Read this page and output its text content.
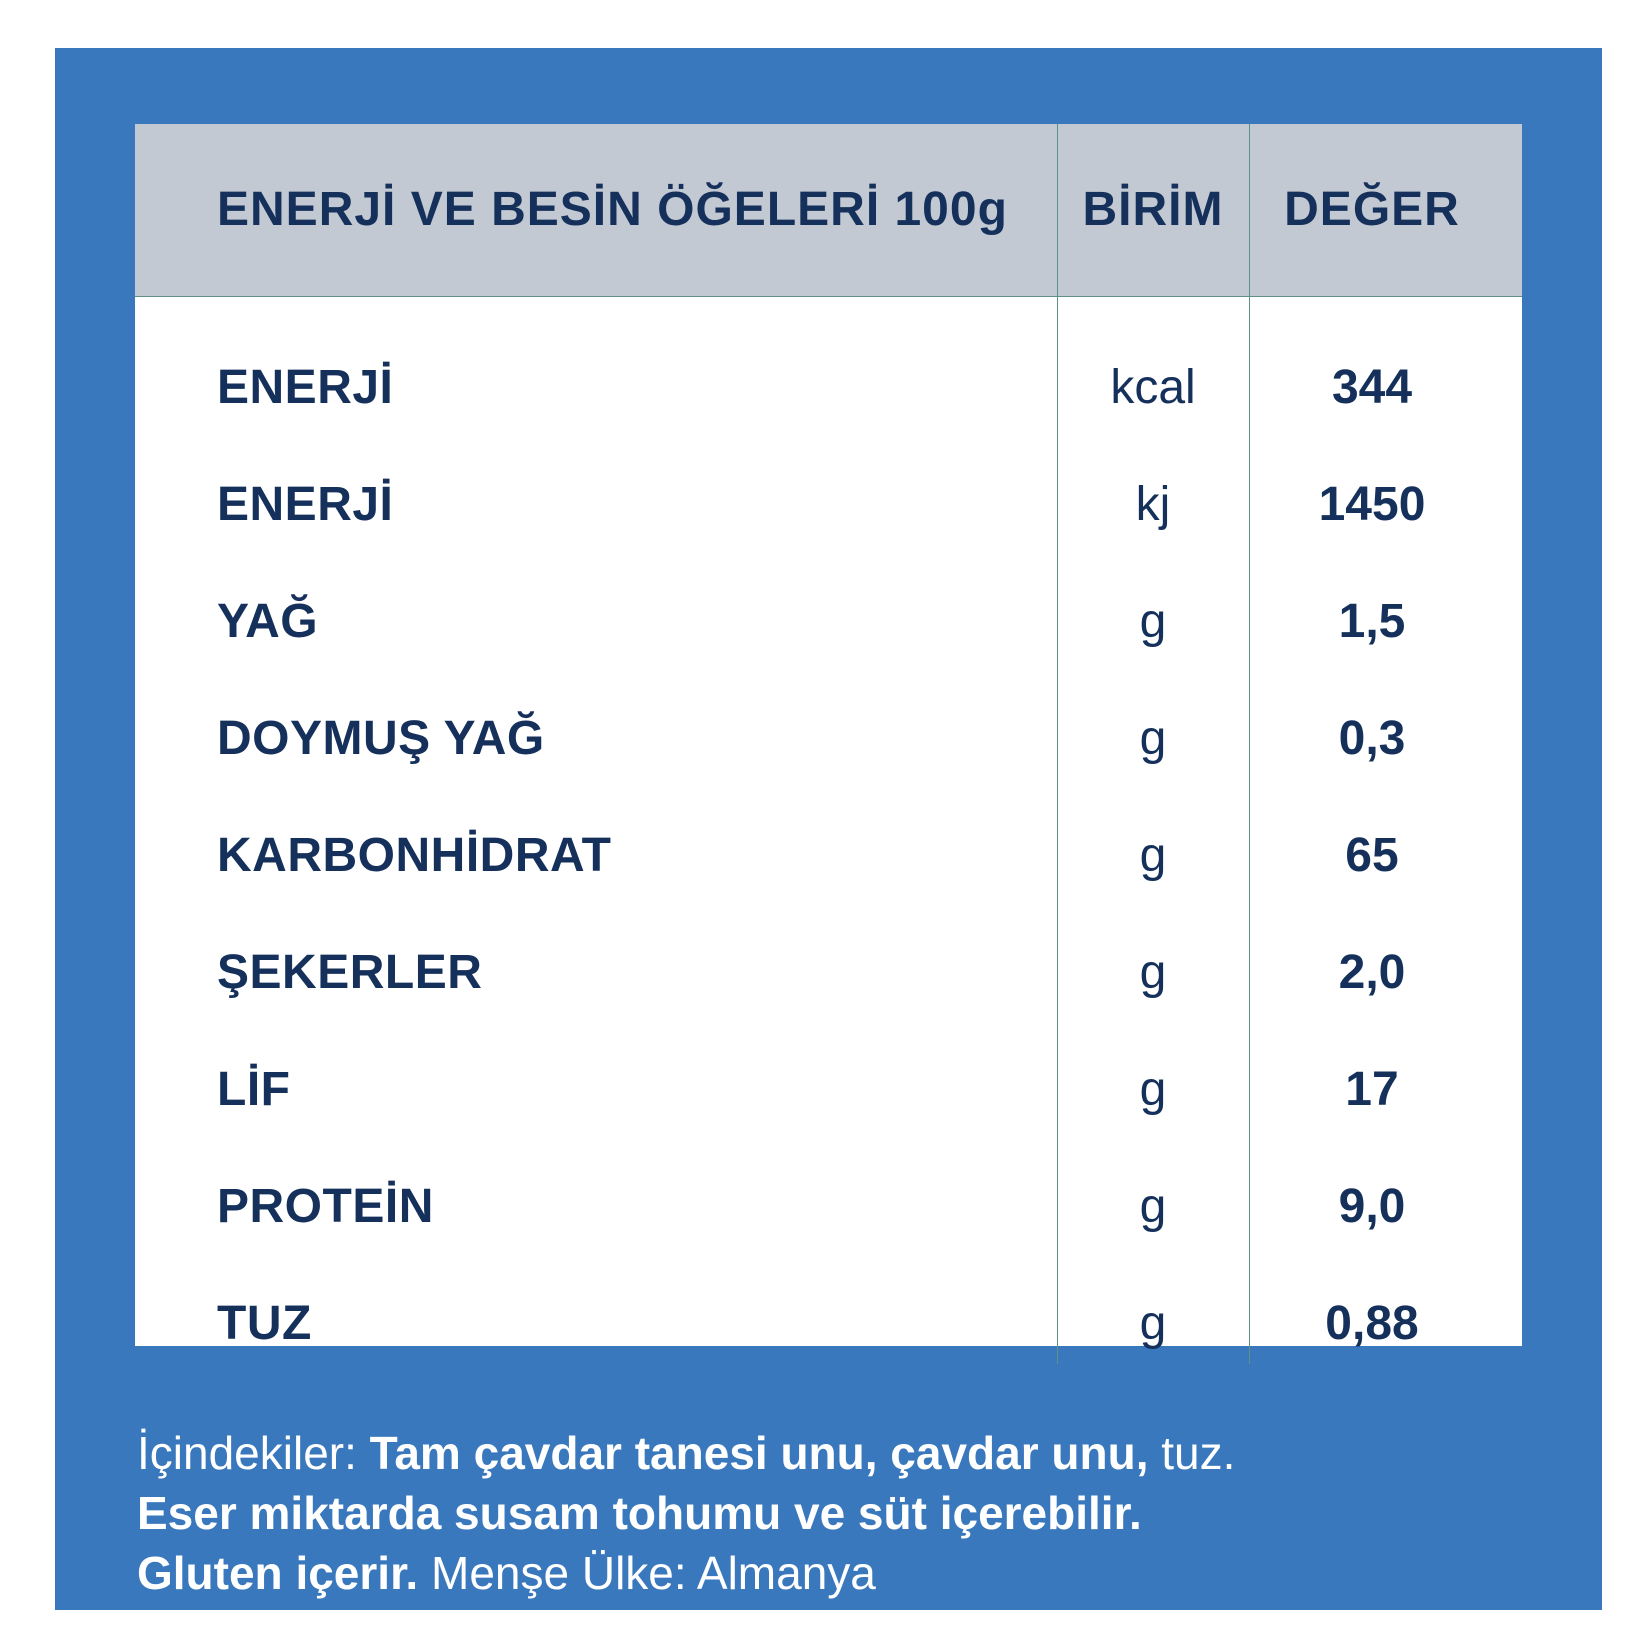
ENERJİ VE BESİN ÖĞELERİ 100g	BİRİM	DEĞER
ENERJİ	kcal	344
ENERJİ	kj	1450
YAĞ	g	1,5
DOYMUŞ YAĞ	g	0,3
KARBONHİDRAT	g	65
ŞEKERLER	g	2,0
LİF	g	17
PROTEİN	g	9,0
TUZ	g	0,88
İçindekiler: Tam çavdar tanesi unu, çavdar unu, tuz.
Eser miktarda susam tohumu ve süt içerebilir.
Gluten içerir. Menşe Ülke: Almanya
